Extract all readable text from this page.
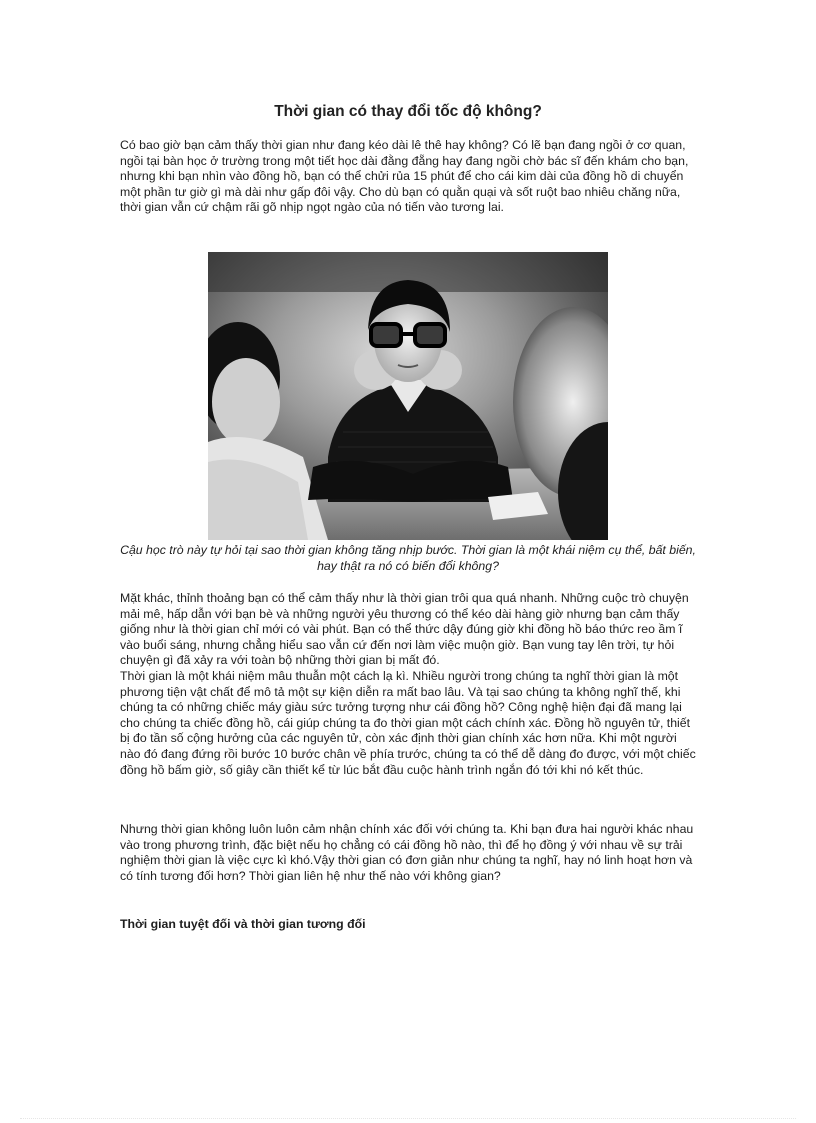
Thời gian có thay đổi tốc độ không?

Có bao giờ bạn cảm thấy thời gian như đang kéo dài lê thê hay không? Có lẽ bạn đang ngồi ở cơ quan, ngồi tại bàn học ở trường trong một tiết học dài đằng đẵng hay đang ngồi chờ bác sĩ đến khám cho bạn, nhưng khi bạn nhìn vào đồng hồ, bạn có thể chửi rủa 15 phút để cho cái kim dài của đồng hồ di chuyển một phần tư giờ gì mà dài như gấp đôi vậy. Cho dù bạn có quằn quại và sốt ruột bao nhiêu chăng nữa, thời gian vẫn cứ chậm rãi gõ nhịp ngọt ngào của nó tiến vào tương lai.

Cậu học trò này tự hỏi tại sao thời gian không tăng nhịp bước. Thời gian là một khái niệm cụ thể, bất biến, hay thật ra nó có biến đổi không?

Mặt khác, thỉnh thoảng bạn có thể cảm thấy như là thời gian trôi qua quá nhanh. Những cuộc trò chuyện mải mê, hấp dẫn với bạn bè và những người yêu thương có thể kéo dài hàng giờ nhưng bạn cảm thấy giống như là thời gian chỉ mới có vài phút. Bạn có thể thức dậy đúng giờ khi đồng hồ báo thức reo ầm ĩ vào buổi sáng, nhưng chẳng hiểu sao vẫn cứ đến nơi làm việc muộn giờ. Bạn vung tay lên trời, tự hỏi chuyện gì đã xảy ra với toàn bộ những thời gian bị mất đó.

Thời gian là một khái niệm mâu thuẫn một cách lạ kì. Nhiều người trong chúng ta nghĩ thời gian là một phương tiện vật chất để mô tả một sự kiện diễn ra mất bao lâu. Và tại sao chúng ta không nghĩ thế, khi chúng ta có những chiếc máy giàu sức tưởng tượng như cái đồng hồ? Công nghệ hiện đại đã mang lại cho chúng ta chiếc đồng hồ, cái giúp chúng ta đo thời gian một cách chính xác. Đồng hồ nguyên tử, thiết bị đo tần số cộng hưởng của các nguyên tử, còn xác định thời gian chính xác hơn nữa. Khi một người nào đó đang đứng rồi bước 10 bước chân về phía trước, chúng ta có thể dễ dàng đo được, với một chiếc đồng hồ bấm giờ, số giây cần thiết kể từ lúc bắt đầu cuộc hành trình ngắn đó tới khi nó kết thúc.

Nhưng thời gian không luôn luôn cảm nhận chính xác đối với chúng ta. Khi bạn đưa hai người khác nhau vào trong phương trình, đặc biệt nếu họ chẳng có cái đồng hồ nào, thì để họ đồng ý với nhau về sự trải nghiệm thời gian là việc cực kì khó.Vậy thời gian có đơn giản như chúng ta nghĩ, hay nó linh hoạt hơn và có tính tương đối hơn? Thời gian liên hệ như thế nào với không gian?

Thời gian tuyệt đối và thời gian tương đối
